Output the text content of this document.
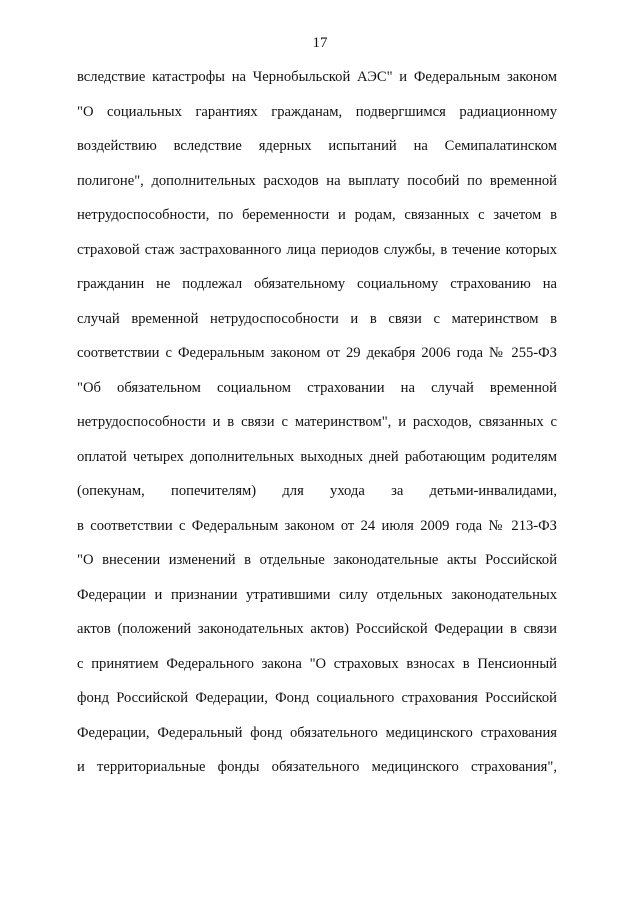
17
вследствие катастрофы на Чернобыльской АЭС" и Федеральным законом
"О социальных гарантиях гражданам, подвергшимся радиационному
воздействию вследствие ядерных испытаний на Семипалатинском
полигоне", дополнительных расходов на выплату пособий по временной
нетрудоспособности, по беременности и родам, связанных с зачетом в
страховой стаж застрахованного лица периодов службы, в течение которых
гражданин не подлежал обязательному социальному страхованию на
случай временной нетрудоспособности и в связи с материнством в
соответствии с Федеральным законом от 29 декабря 2006 года № 255-ФЗ
"Об обязательном социальном страховании на случай временной
нетрудоспособности и в связи с материнством", и расходов, связанных с
оплатой четырех дополнительных выходных дней работающим родителям
(опекунам, попечителям) для ухода за детьми-инвалидами,
в соответствии с Федеральным законом от 24 июля 2009 года № 213-ФЗ
"О внесении изменений в отдельные законодательные акты Российской
Федерации и признании утратившими силу отдельных законодательных
актов (положений законодательных актов) Российской Федерации в связи
с принятием Федерального закона "О страховых взносах в Пенсионный
фонд Российской Федерации, Фонд социального страхования Российской
Федерации, Федеральный фонд обязательного медицинского страхования
и территориальные фонды обязательного медицинского страхования",
